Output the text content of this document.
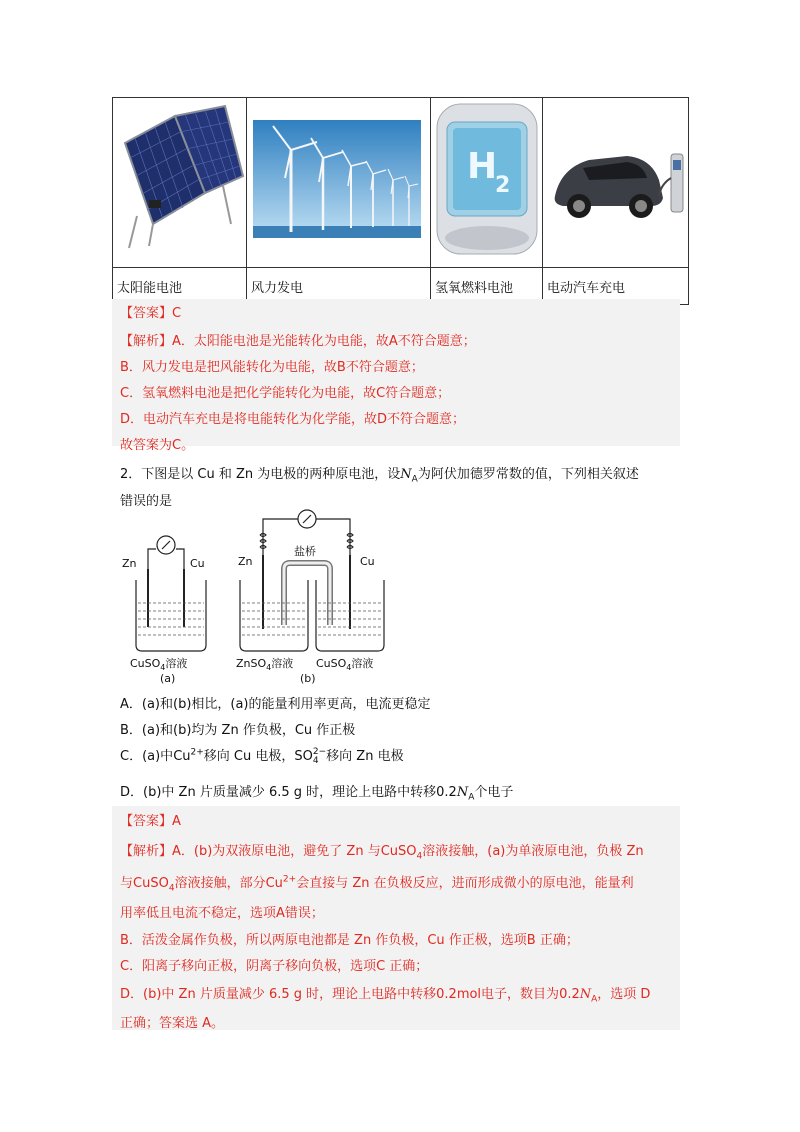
H
2

太阳能电池	风力发电	氢氧燃料电池	电动汽车充电
【答案】C
【解析】A．太阳能电池是光能转化为电能，故A不符合题意；
B．风力发电是把风能转化为电能，故B不符合题意；
C．氢氧燃料电池是把化学能转化为电能，故C符合题意；
D．电动汽车充电是将电能转化为化学能，故D不符合题意；
故答案为C。
2．下图是以 Cu 和 Zn 为电极的两种原电池，设$N_A$为阿伏加德罗常数的值，下列相关叙述
错误的是
Zn	Cu	Zn
盐桥
Cu
CuSO$_4$溶液	ZnSO$_4$溶液 CuSO$_4$溶液
(a)	(b)
A．(a)和(b)相比，(a)的能量利用率更高，电流更稳定
B．(a)和(b)均为 Zn 作负极，Cu 作正极
C．(a)中$Cu^{2+}$移向 Cu 电极，SO 2−
4 移向 Zn 电极
D．(b)中 Zn 片质量减少 6.5 g 时，理论上电路中转移$0.2N_A$个电子
【答案】A
【解析】A．(b)为双液原电池，避免了 Zn 与CuSO$_4$溶液接触，(a)为单液原电池，负极 Zn
与CuSO$_4$溶液接触，部分$Cu^{2+}$会直接与 Zn 在负极反应，进而形成微小的原电池，能量利
用率低且电流不稳定，选项A错误；
B．活泼金属作负极，所以两原电池都是 Zn 作负极，Cu 作正极，选项B 正确；
C．阳离子移向正极，阴离子移向负极，选项C 正确；
D．(b)中 Zn 片质量减少 6.5 g 时，理论上电路中转移0.2mol电子，数目为$0.2N_A$，选项 D
正确；答案选 A。
